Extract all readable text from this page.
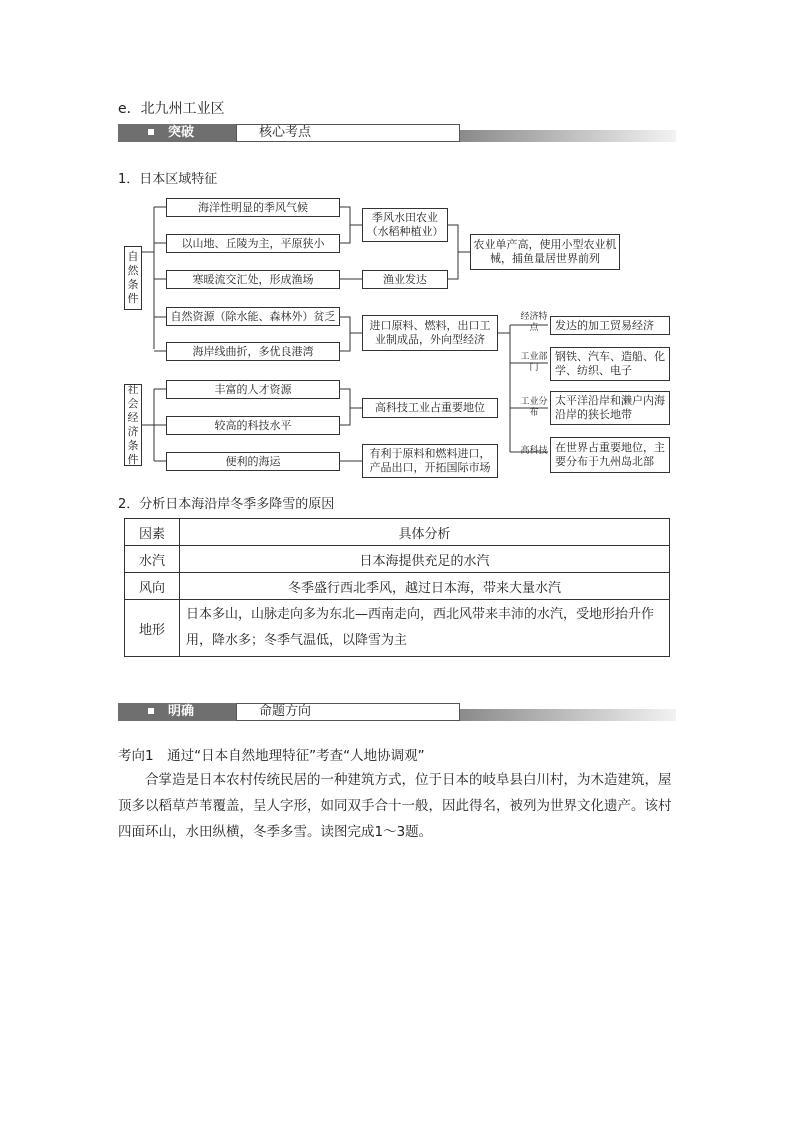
e．北九州工业区
突破	核心考点
1．日本区域特征
自然条件
社会经济条件
海洋性明显的季风气候
以山地、丘陵为主，平原狭小
寒暖流交汇处，形成渔场
自然资源（除水能、森林外）贫乏
海岸线曲折，多优良港湾
丰富的人才资源
较高的科技水平
便利的海运
季风水田农业（水稻种植业）
渔业发达
进口原料、燃料，出口工业制成品，外向型经济
高科技工业占重要地位
有利于原料和燃料进口，产品出口，开拓国际市场
农业单产高，使用小型农业机械，捕鱼量居世界前列
经济特点
工业部门
工业分布
高科技
发达的加工贸易经济
钢铁、汽车、造船、化学、纺织、电子
太平洋沿岸和濑户内海沿岸的狭长地带
在世界占重要地位，主要分布于九州岛北部
2．分析日本海沿岸冬季多降雪的原因
因素	具体分析
水汽	日本海提供充足的水汽
风向	冬季盛行西北季风，越过日本海，带来大量水汽
地形	日本多山，山脉走向多为东北—西南走向，西北风带来丰沛的水汽，受地形抬升作用，降水多；冬季气温低，以降雪为主
明确	命题方向
考向1　通过“日本自然地理特征”考查“人地协调观”
合掌造是日本农村传统民居的一种建筑方式，位于日本的岐阜县白川村，为木造建筑，屋顶多以稻草芦苇覆盖，呈人字形，如同双手合十一般，因此得名，被列为世界文化遗产。该村四面环山，水田纵横，冬季多雪。读图完成1～3题。
